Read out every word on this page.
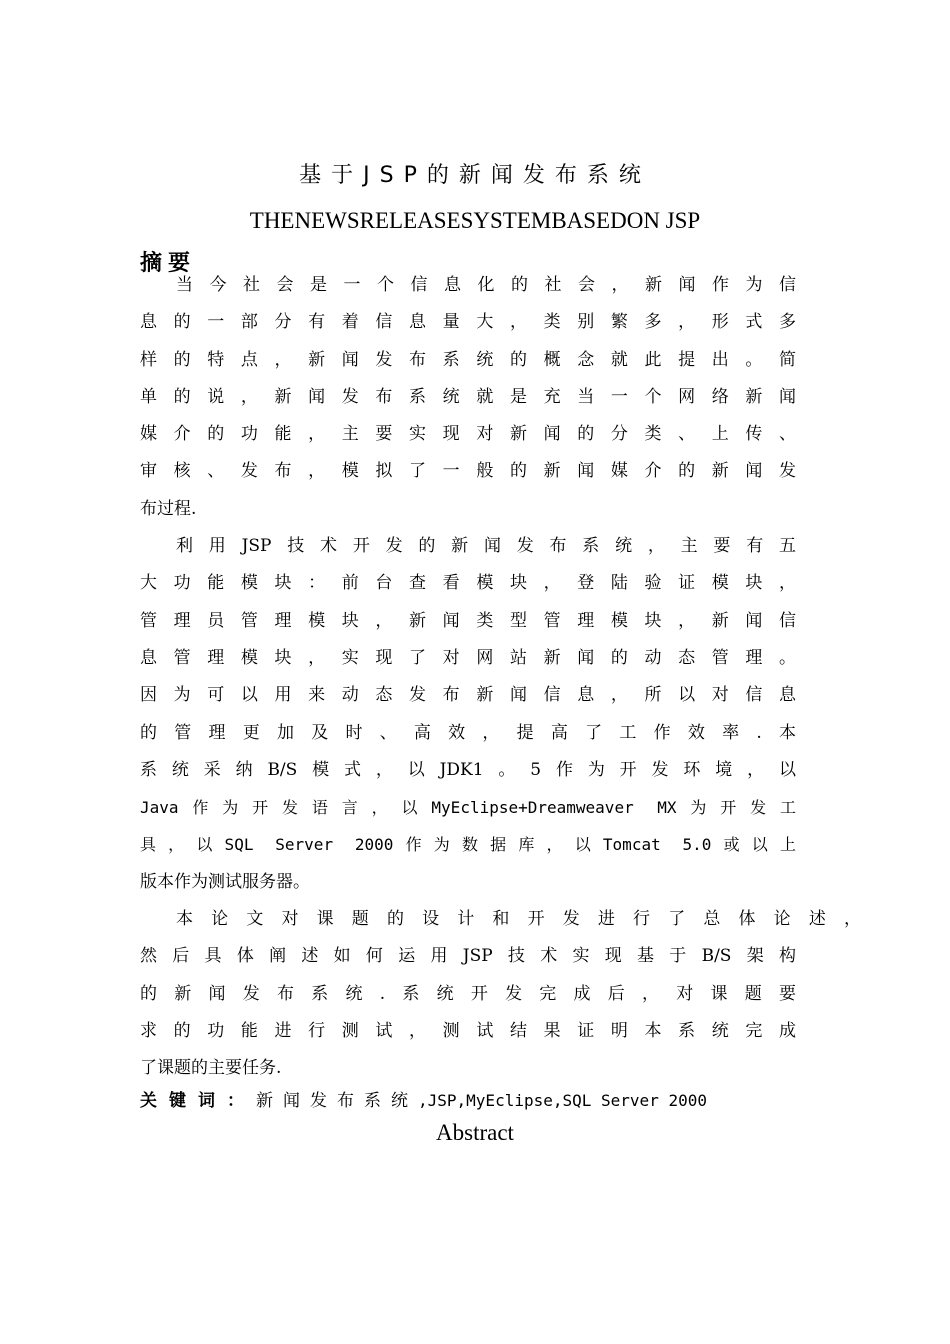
基于JSP的新闻发布系统
THENEWSRELEASESYSTEMBASEDON JSP
摘要
当今社会是一个信息化的社会，新闻作为信
息的一部分有着信息量大，类别繁多，形式多
样的特点，新闻发布系统的概念就此提出。简
单的说，新闻发布系统就是充当一个网络新闻
媒介的功能，主要实现对新闻的分类、上传、
审核、发布，模拟了一般的新闻媒介的新闻发
布过程.
利用JSP技术开发的新闻发布系统，主要有五
大功能模块：前台查看模块，登陆验证模块，
管理员管理模块，新闻类型管理模块，新闻信
息管理模块，实现了对网站新闻的动态管理。
因为可以用来动态发布新闻信息，所以对信息
的管理更加及时、高效，提高了工作效率.本
系统采纳B/S模式，以JDK1。5作为开发环境，以
Java作为开发语言，以MyEclipse+Dreamweaver MX为开发工
具，以SQL Server 2000作为数据库，以Tomcat 5.0或以上
版本作为测试服务器。
本论文对课题的设计和开发进行了总体论述，
然后具体阐述如何运用JSP技术实现基于B/S架构
的新闻发布系统.系统开发完成后，对课题要
求的功能进行测试，测试结果证明本系统完成
了课题的主要任务.
关键词：新闻发布系统,JSP,MyEclipse,SQL Server 2000
Abstract
